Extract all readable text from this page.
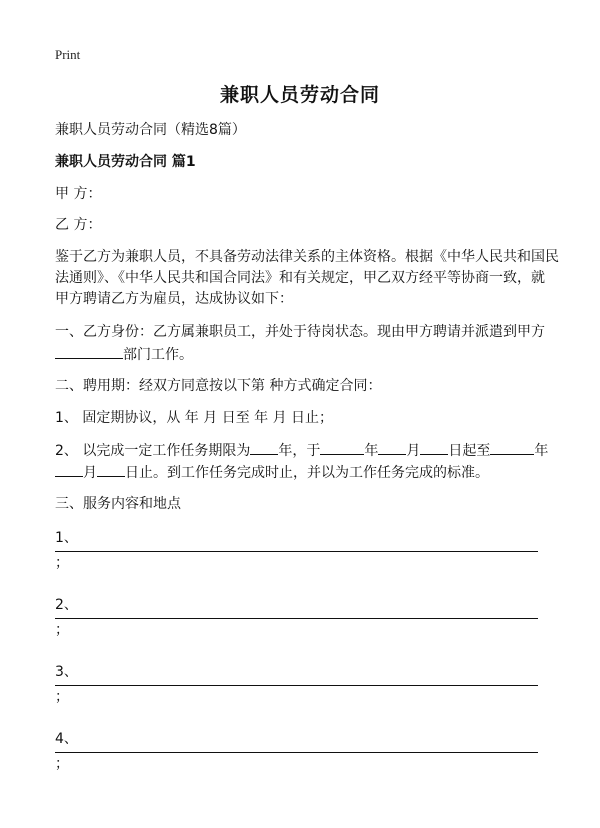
Print
兼职人员劳动合同
兼职人员劳动合同（精选8篇）
兼职人员劳动合同 篇1
甲 方：
乙 方：
鉴于乙方为兼职人员，不具备劳动法律关系的主体资格。根据《中华人民共和国民
法通则》、《中华人民共和国合同法》和有关规定，甲乙双方经平等协商一致，就
甲方聘请乙方为雇员，达成协议如下：
一、乙方身份：乙方属兼职员工，并处于待岗状态。现由甲方聘请并派遣到甲方
部门工作。
二、聘用期：经双方同意按以下第 种方式确定合同：
1、 固定期协议，从 年 月 日至 年 月 日止；
2、 以完成一定工作任务期限为 年，于	年 月 日起至	年
月 日止。到工作任务完成时止，并以为工作任务完成的标准。
三、服务内容和地点
1、
；
2、
；
3、
；
4、
；
